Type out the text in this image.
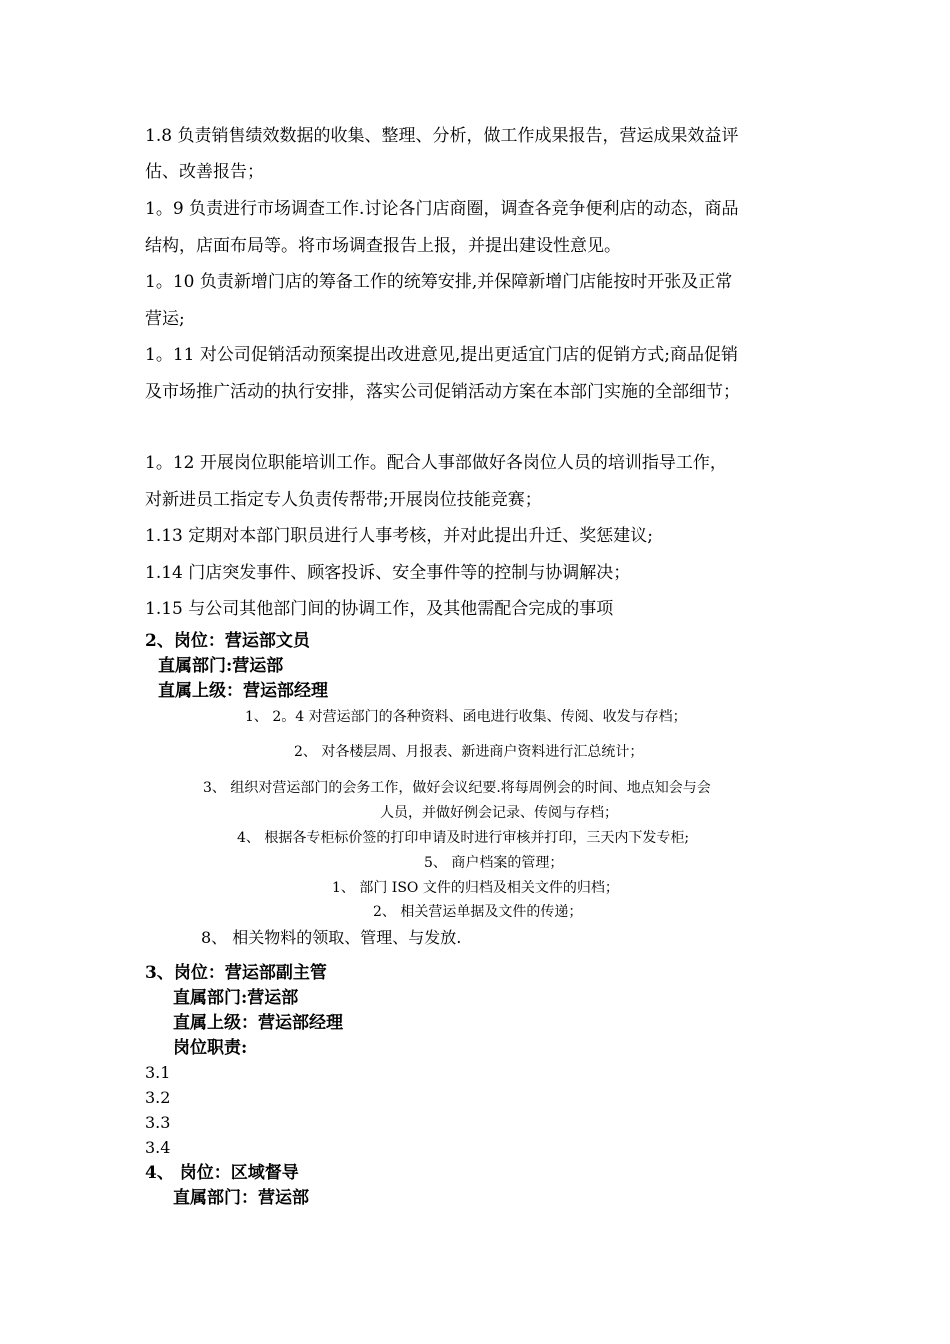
1.8 负责销售绩效数据的收集、整理、分析，做工作成果报告，营运成果效益评
估、改善报告；
1。9 负责进行市场调查工作.讨论各门店商圈，调查各竞争便利店的动态，商品
结构，店面布局等。将市场调查报告上报，并提出建设性意见。
1。10 负责新增门店的筹备工作的统筹安排,并保障新增门店能按时开张及正常
营运;
1。11 对公司促销活动预案提出改进意见,提出更适宜门店的促销方式;商品促销
及市场推广活动的执行安排，落实公司促销活动方案在本部门实施的全部细节；
1。12 开展岗位职能培训工作。配合人事部做好各岗位人员的培训指导工作，
对新进员工指定专人负责传帮带;开展岗位技能竞赛；
1.13 定期对本部门职员进行人事考核，并对此提出升迁、奖惩建议;
1.14 门店突发事件、顾客投诉、安全事件等的控制与协调解决；
1.15 与公司其他部门间的协调工作，及其他需配合完成的事项
2、岗位：营运部文员
直属部门:营运部
直属上级：营运部经理
1、 2。4 对营运部门的各种资料、函电进行收集、传阅、收发与存档；
2、 对各楼层周、月报表、新进商户资料进行汇总统计；
3、 组织对营运部门的会务工作，做好会议纪要.将每周例会的时间、地点知会与会
人员，并做好例会记录、传阅与存档；
4、 根据各专柜标价签的打印申请及时进行审核并打印，三天内下发专柜;
5、 商户档案的管理；
1、 部门 ISO 文件的归档及相关文件的归档；
2、 相关营运单据及文件的传递；
8、 相关物料的领取、管理、与发放.
3、岗位：营运部副主管
直属部门:营运部
直属上级：营运部经理
岗位职责:
3.1
3.2
3.3
3.4
4、 岗位：区域督导
直属部门：营运部
